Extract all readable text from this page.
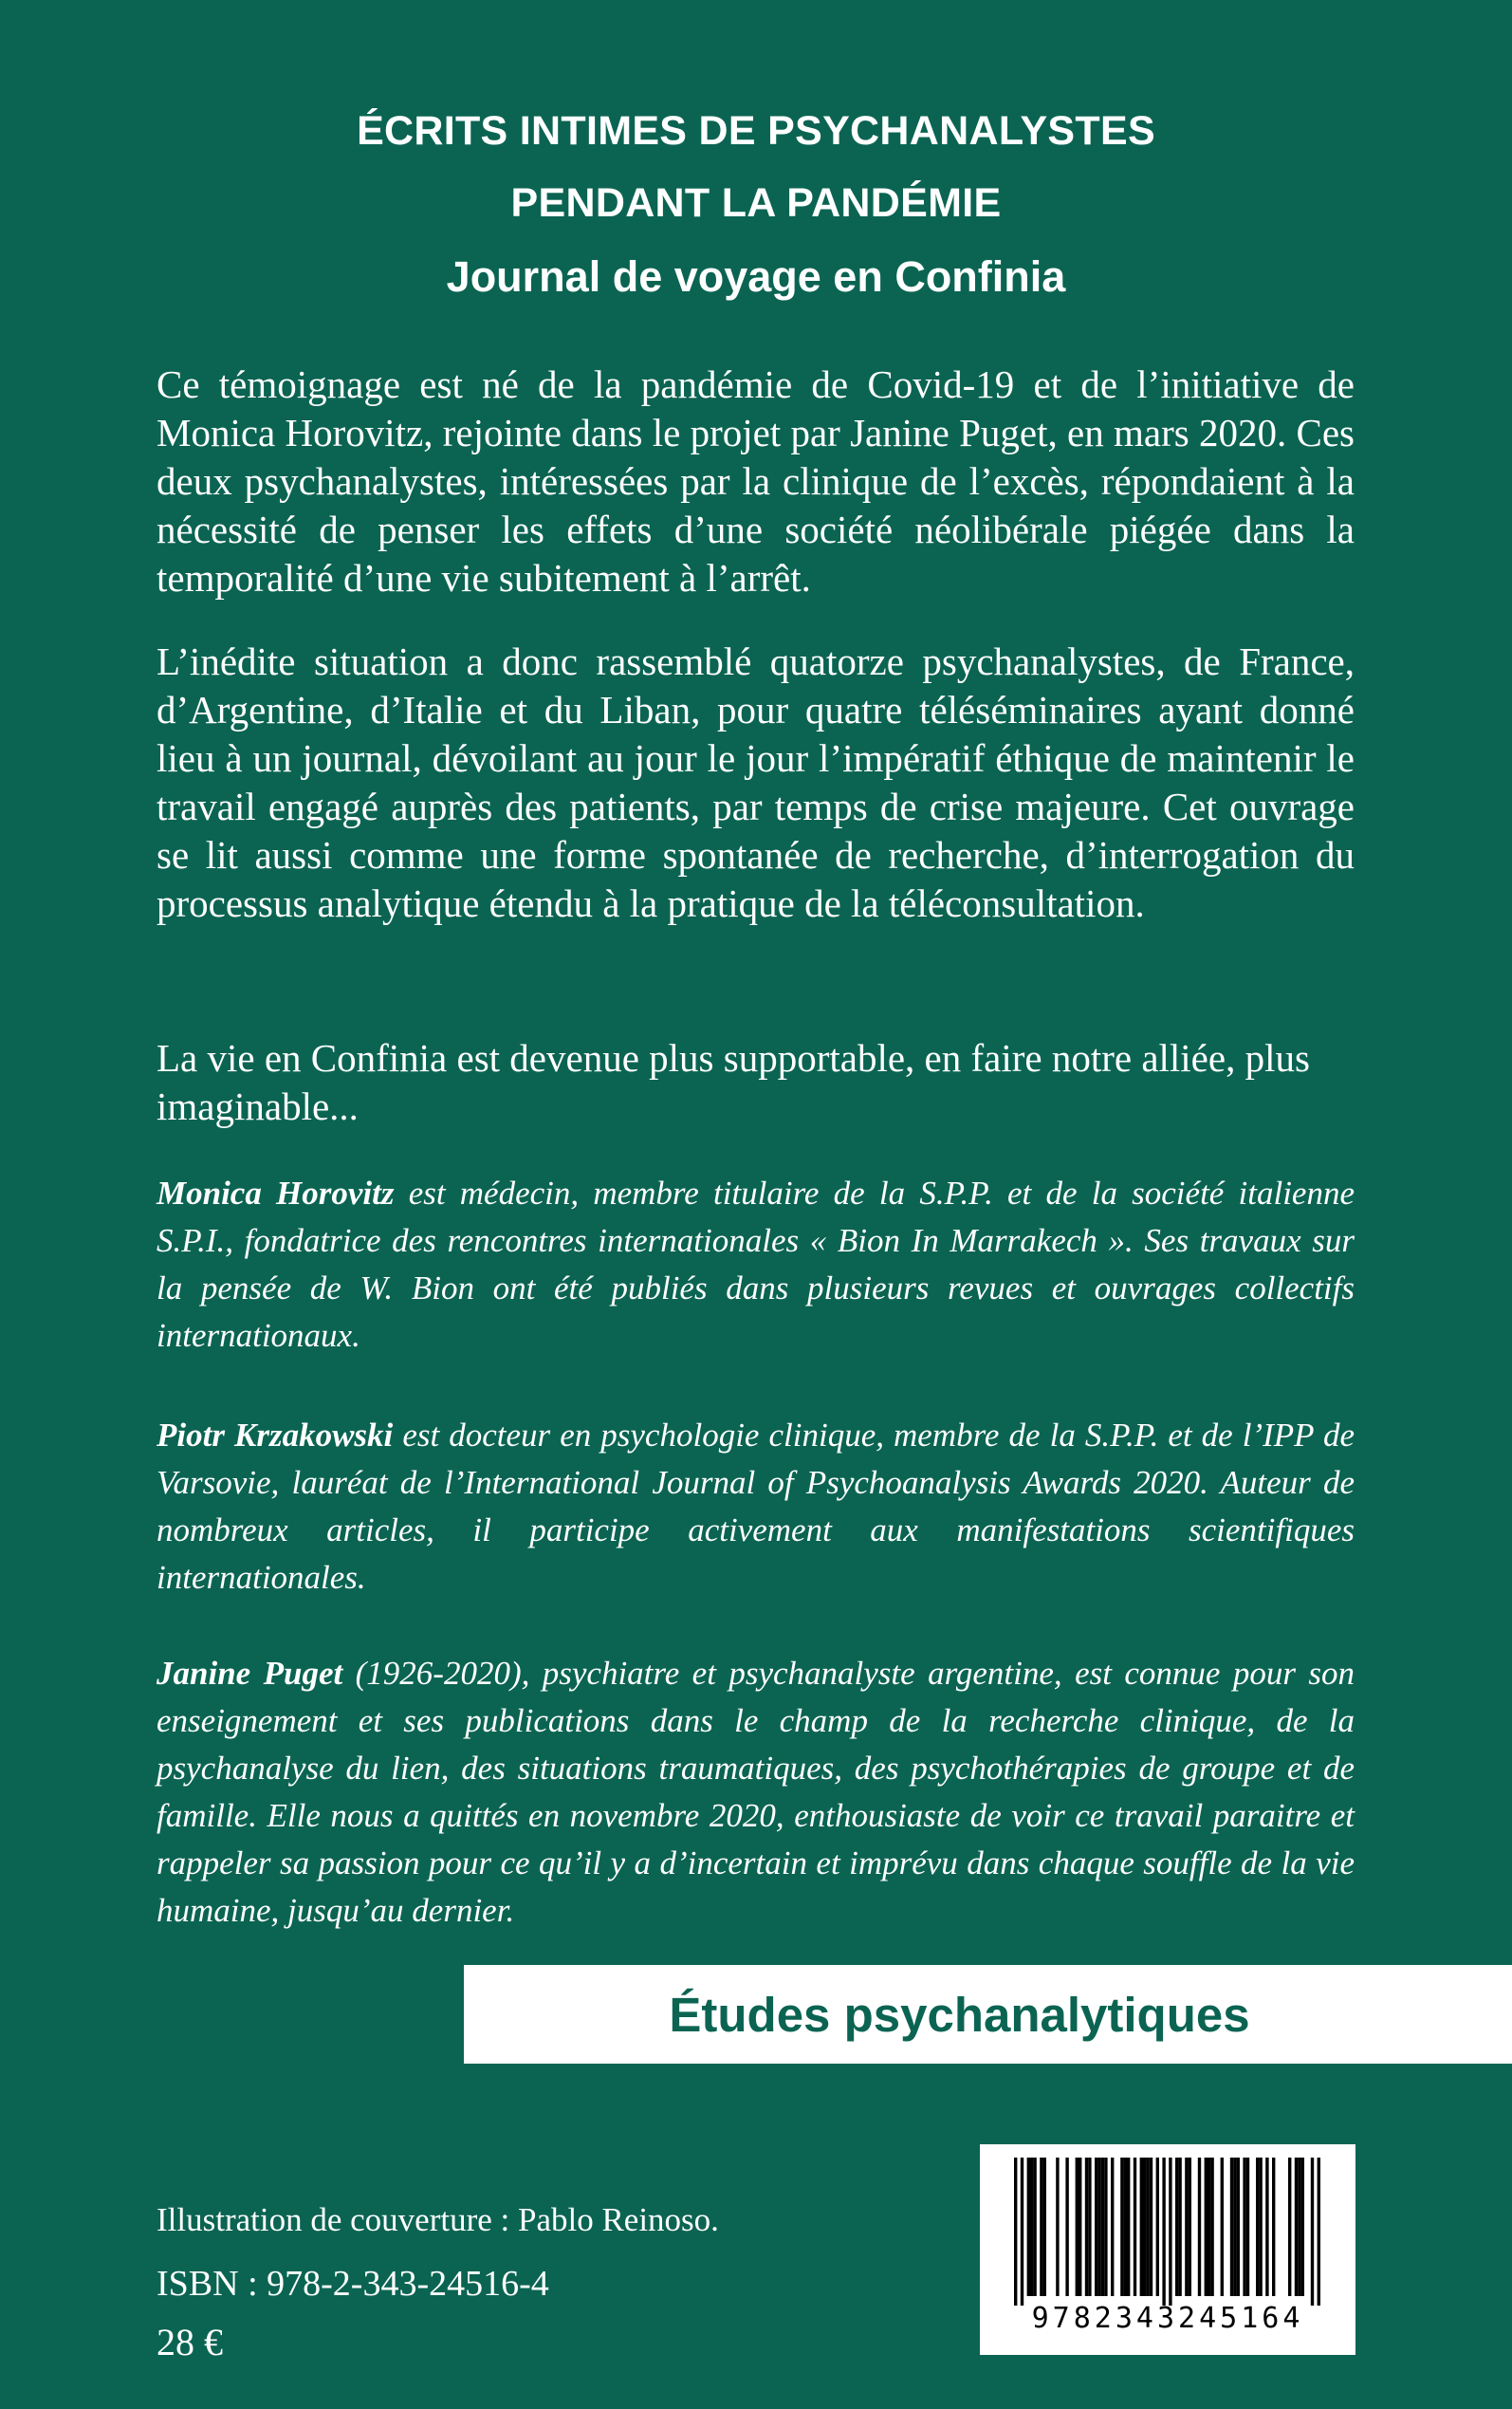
ÉCRITS INTIMES DE PSYCHANALYSTES
PENDANT LA PANDÉMIE
Journal de voyage en Confinia

Ce témoignage est né de la pandémie de Covid-19 et de l’initiative de Monica Horovitz, rejointe dans le projet par Janine Puget, en mars 2020. Ces deux psychanalystes, intéressées par la clinique de l’excès, répondaient à la nécessité de penser les effets d’une société néolibérale piégée dans la temporalité d’une vie subitement à l’arrêt.

L’inédite situation a donc rassemblé quatorze psychanalystes, de France, d’Argentine, d’Italie et du Liban, pour quatre téléséminaires ayant donné lieu à un journal, dévoilant au jour le jour l’impératif éthique de maintenir le travail engagé auprès des patients, par temps de crise majeure. Cet ouvrage se lit aussi comme une forme spontanée de recherche, d’interrogation du processus analytique étendu à la pratique de la téléconsultation.

La vie en Confinia est devenue plus supportable, en faire notre alliée, plus imaginable...

Monica Horovitz est médecin, membre titulaire de la S.P.P. et de la société italienne S.P.I., fondatrice des rencontres internationales « Bion In Marrakech ». Ses travaux sur la pensée de W. Bion ont été publiés dans plusieurs revues et ouvrages collectifs internationaux.
Piotr Krzakowski est docteur en psychologie clinique, membre de la S.P.P. et de l’IPP de Varsovie, lauréat de l’International Journal of Psychoanalysis Awards 2020. Auteur de nombreux articles, il participe activement aux manifestations scientifiques internationales.
Janine Puget (1926-2020), psychiatre et psychanalyste argentine, est connue pour son enseignement et ses publications dans le champ de la recherche clinique, de la psychanalyse du lien, des situations traumatiques, des psychothérapies de groupe et de famille. Elle nous a quittés en novembre 2020, enthousiaste de voir ce travail paraitre et rappeler sa passion pour ce qu’il y a d’incertain et imprévu dans chaque souffle de la vie humaine, jusqu’au dernier.
Études psychanalytiques
Illustration de couverture : Pablo Reinoso.
ISBN : 978-2-343-24516-4
28 €
9782343245164
